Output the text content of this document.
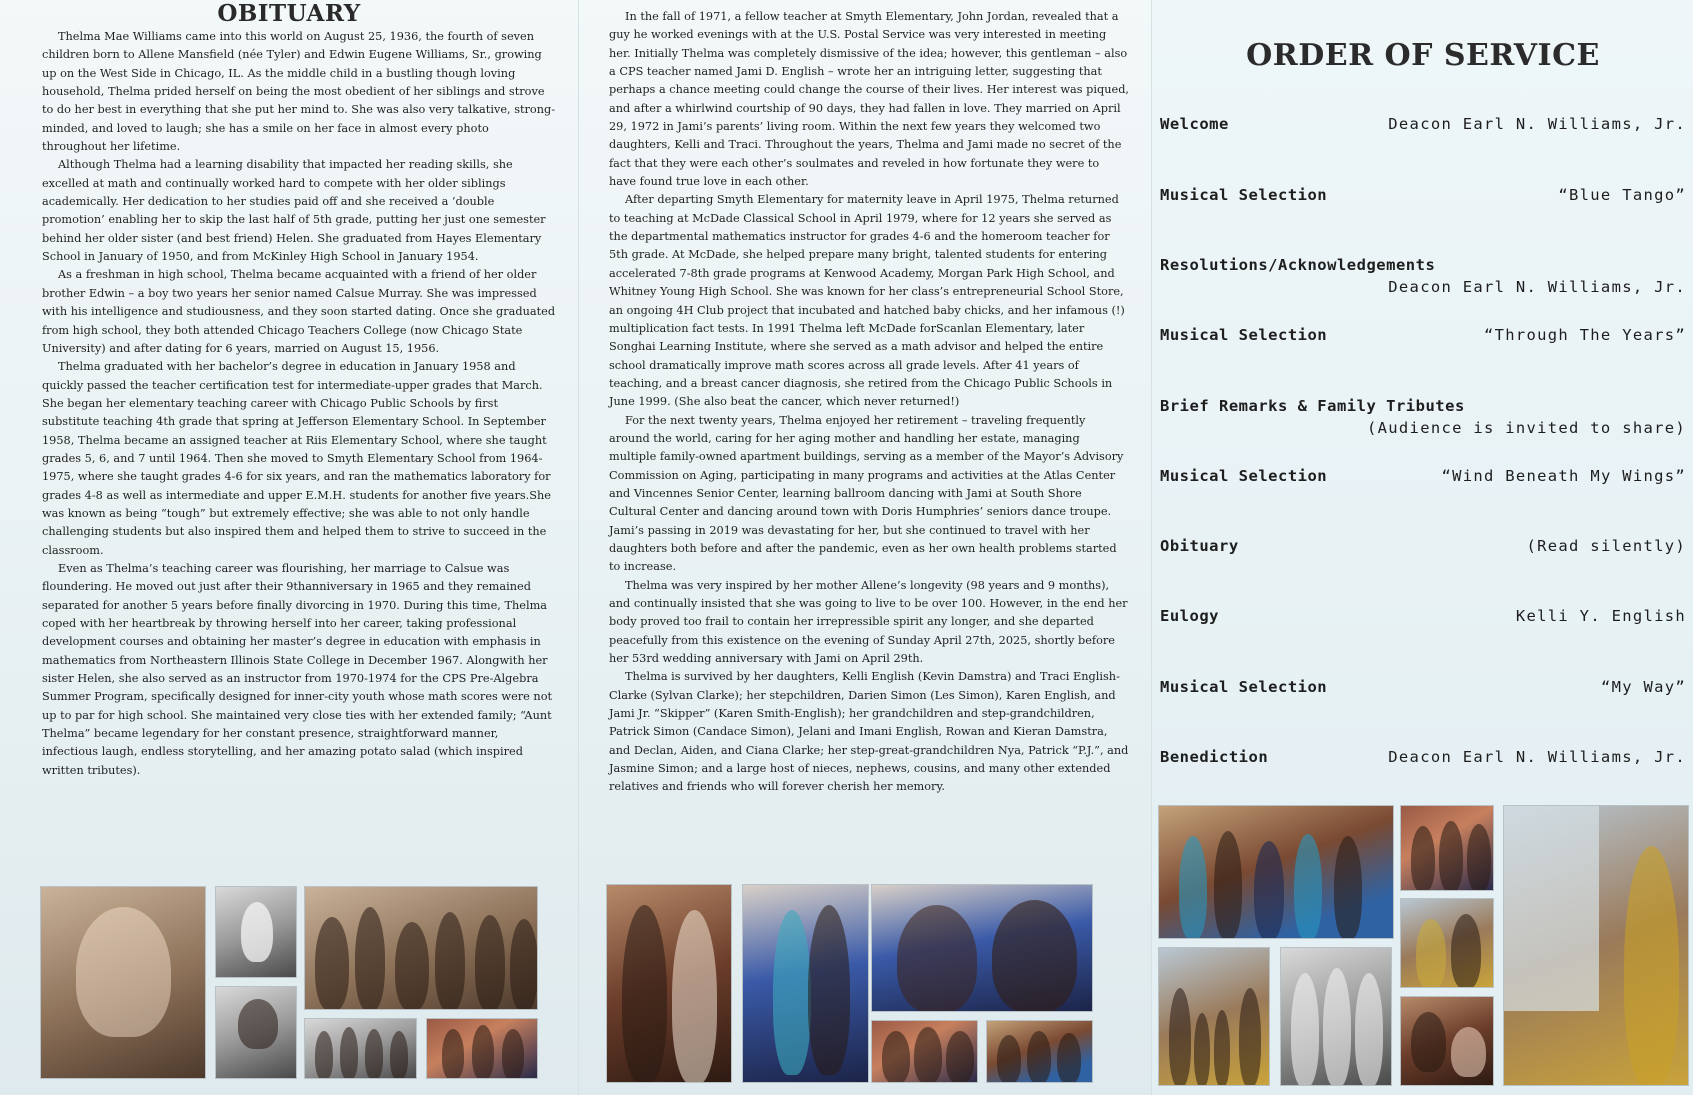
OBITUARY

Thelma Mae Williams came into this world on August 25, 1936, the fourth of seven children born to Allene Mansfield (née Tyler) and Edwin Eugene Williams, Sr., growing up on the West Side in Chicago, IL. As the middle child in a bustling though loving household, Thelma prided herself on being the most obedient of her siblings and strove to do her best in everything that she put her mind to. She was also very talkative, strong-minded, and loved to laugh; she has a smile on her face in almost every photo throughout her lifetime.

Although Thelma had a learning disability that impacted her reading skills, she excelled at math and continually worked hard to compete with her older siblings academically. Her dedication to her studies paid off and she received a ‘double promotion’ enabling her to skip the last half of 5th grade, putting her just one semester behind her older sister (and best friend) Helen. She graduated from Hayes Elementary School in January of 1950, and from McKinley High School in January 1954.

As a freshman in high school, Thelma became acquainted with a friend of her older brother Edwin – a boy two years her senior named Calsue Murray. She was impressed with his intelligence and studiousness, and they soon started dating. Once she graduated from high school, they both attended Chicago Teachers College (now Chicago State University) and after dating for 6 years, married on August 15, 1956.

Thelma graduated with her bachelor’s degree in education in January 1958 and quickly passed the teacher certification test for intermediate-upper grades that March. She began her elementary teaching career with Chicago Public Schools by first substitute teaching 4th grade that spring at Jefferson Elementary School. In September 1958, Thelma became an assigned teacher at Riis Elementary School, where she taught grades 5, 6, and 7 until 1964. Then she moved to Smyth Elementary School from 1964-1975, where she taught grades 4-6 for six years, and ran the mathematics laboratory for grades 4-8 as well as intermediate and upper E.M.H. students for another five years.She was known as being “tough” but extremely effective; she was able to not only handle challenging students but also inspired them and helped them to strive to succeed in the classroom.

Even as Thelma’s teaching career was flourishing, her marriage to Calsue was floundering. He moved out just after their 9thanniversary in 1965 and they remained separated for another 5 years before finally divorcing in 1970. During this time, Thelma coped with her heartbreak by throwing herself into her career, taking professional development courses and obtaining her master’s degree in education with emphasis in mathematics from Northeastern Illinois State College in December 1967. Alongwith her sister Helen, she also served as an instructor from 1970-1974 for the CPS Pre-Algebra Summer Program, specifically designed for inner-city youth whose math scores were not up to par for high school. She maintained very close ties with her extended family; “Aunt Thelma” became legendary for her constant presence, straightforward manner, infectious laugh, endless storytelling, and her amazing potato salad (which inspired written tributes).

In the fall of 1971, a fellow teacher at Smyth Elementary, John Jordan, revealed that a guy he worked evenings with at the U.S. Postal Service was very interested in meeting her. Initially Thelma was completely dismissive of the idea; however, this gentleman – also a CPS teacher named Jami D. English – wrote her an intriguing letter, suggesting that perhaps a chance meeting could change the course of their lives. Her interest was piqued, and after a whirlwind courtship of 90 days, they had fallen in love. They married on April 29, 1972 in Jami’s parents’ living room. Within the next few years they welcomed two daughters, Kelli and Traci. Throughout the years, Thelma and Jami made no secret of the fact that they were each other’s soulmates and reveled in how fortunate they were to have found true love in each other.

After departing Smyth Elementary for maternity leave in April 1975, Thelma returned to teaching at McDade Classical School in April 1979, where for 12 years she served as the departmental mathematics instructor for grades 4-6 and the homeroom teacher for 5th grade. At McDade, she helped prepare many bright, talented students for entering accelerated 7-8th grade programs at Kenwood Academy, Morgan Park High School, and Whitney Young High School. She was known for her class’s entrepreneurial School Store, an ongoing 4H Club project that incubated and hatched baby chicks, and her infamous (!) multiplication fact tests. In 1991 Thelma left McDade forScanlan Elementary, later Songhai Learning Institute, where she served as a math advisor and helped the entire school dramatically improve math scores across all grade levels. After 41 years of teaching, and a breast cancer diagnosis, she retired from the Chicago Public Schools in June 1999. (She also beat the cancer, which never returned!)

For the next twenty years, Thelma enjoyed her retirement – traveling frequently around the world, caring for her aging mother and handling her estate, managing multiple family-owned apartment buildings, serving as a member of the Mayor’s Advisory Commission on Aging, participating in many programs and activities at the Atlas Center and Vincennes Senior Center, learning ballroom dancing with Jami at South Shore Cultural Center and dancing around town with Doris Humphries’ seniors dance troupe. Jami’s passing in 2019 was devastating for her, but she continued to travel with her daughters both before and after the pandemic, even as her own health problems started to increase.

Thelma was very inspired by her mother Allene’s longevity (98 years and 9 months), and continually insisted that she was going to live to be over 100. However, in the end her body proved too frail to contain her irrepressible spirit any longer, and she departed peacefully from this existence on the evening of Sunday April 27th, 2025, shortly before her 53rd wedding anniversary with Jami on April 29th.

Thelma is survived by her daughters, Kelli English (Kevin Damstra) and Traci English-Clarke (Sylvan Clarke); her stepchildren, Darien Simon (Les Simon), Karen English, and Jami Jr. “Skipper” (Karen Smith-English); her grandchildren and step-grandchildren, Patrick Simon (Candace Simon), Jelani and Imani English, Rowan and Kieran Damstra, and Declan, Aiden, and Ciana Clarke; her step-great-grandchildren Nya, Patrick “P.J.”, and Jasmine Simon; and a large host of nieces, nephews, cousins, and many other extended relatives and friends who will forever cherish her memory.

ORDER OF SERVICE
Welcome	Deacon Earl N. Williams, Jr.
Musical Selection	“Blue Tango”
Resolutions/Acknowledgements
Deacon Earl N. Williams, Jr.
Musical Selection	“Through The Years”
Brief Remarks & Family Tributes
(Audience is invited to share)
Musical Selection	“Wind Beneath My Wings”
Obituary	(Read silently)
Eulogy	Kelli Y. English
Musical Selection	“My Way”
Benediction	Deacon Earl N. Williams, Jr.
